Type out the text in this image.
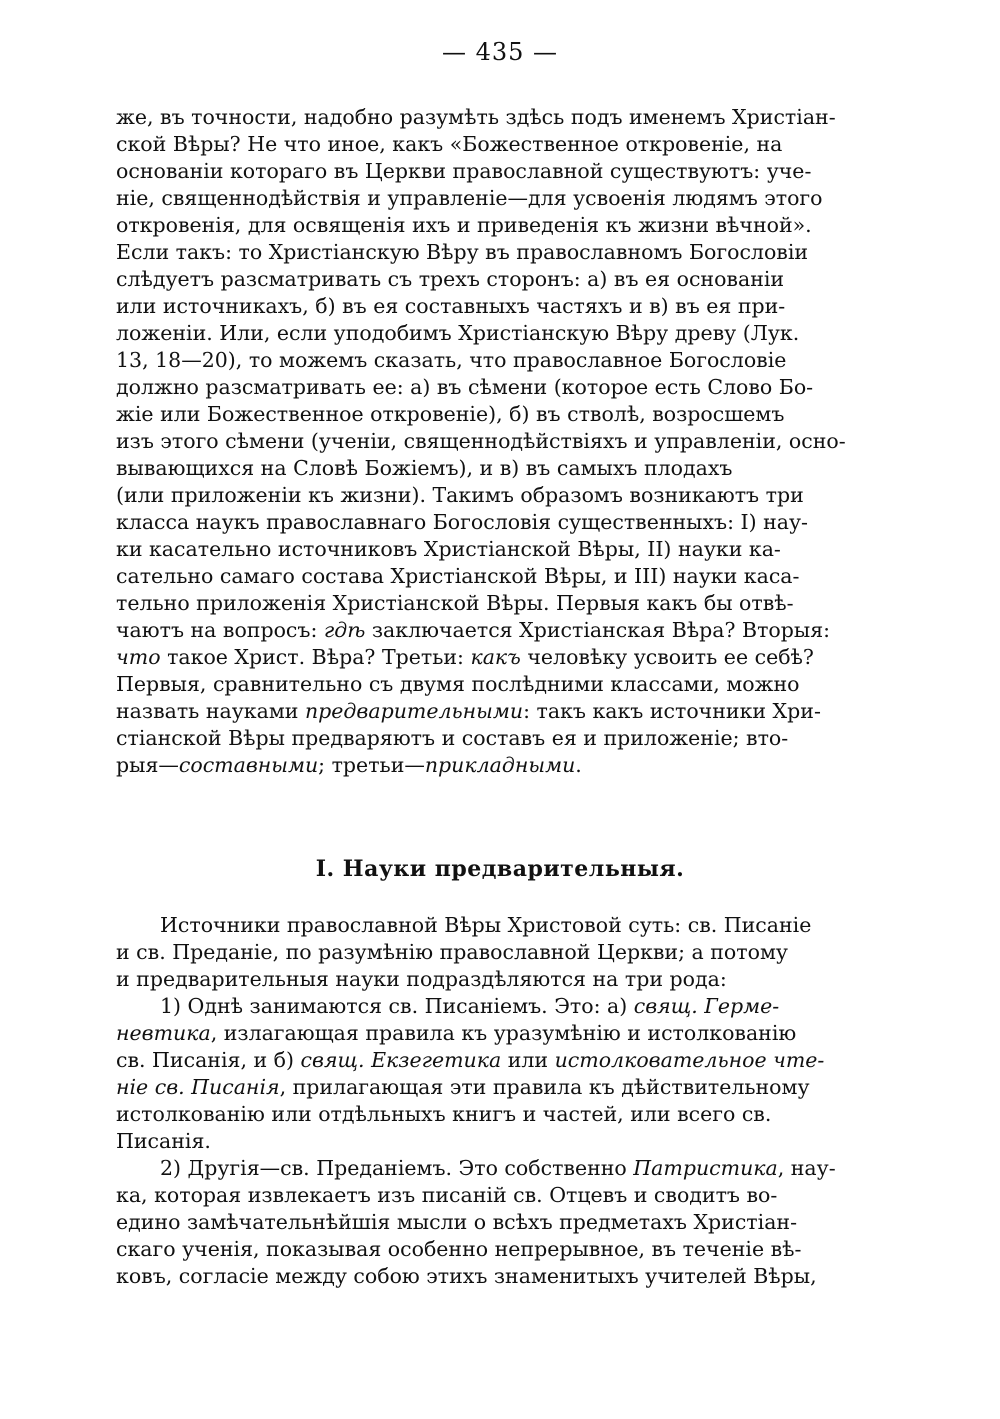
— 435 —
же, въ точности, надобно разумѣть здѣсь подъ именемъ Христіан-
ской Вѣры? Не что иное, какъ «Божественное откровеніе, на
основаніи котораго въ Церкви православной существуютъ: уче-
ніе, священнодѣйствія и управленіе—для усвоенія людямъ этого
откровенія, для освященія ихъ и приведенія къ жизни вѣчной».
Если такъ: то Христіанскую Вѣру въ православномъ Богословіи
слѣдуетъ разсматривать съ трехъ сторонъ: а) въ ея основаніи
или источникахъ, б) въ ея составныхъ частяхъ и в) въ ея при-
ложеніи. Или, если уподобимъ Христіанскую Вѣру древу (Лук.
13, 18—20), то можемъ сказать, что православное Богословіе
должно разсматривать ее: а) въ сѣмени (которое есть Слово Бо-
жіе или Божественное откровеніе), б) въ стволѣ, возросшемъ
изъ этого сѣмени (ученіи, священнодѣйствіяхъ и управленіи, осно-
вывающихся на Словѣ Божіемъ), и в) въ самыхъ плодахъ
(или приложеніи къ жизни). Такимъ образомъ возникаютъ три
класса наукъ православнаго Богословія существенныхъ: I) нау-
ки касательно источниковъ Христіанской Вѣры, II) науки ка-
сательно самаго состава Христіанской Вѣры, и III) науки каса-
тельно приложенія Христіанской Вѣры. Первыя какъ бы отвѣ-
чаютъ на вопросъ: гдѣ заключается Христіанская Вѣра? Вторыя:
что такое Христ. Вѣра? Третьи: какъ человѣку усвоить ее себѣ?
Первыя, сравнительно съ двумя послѣдними классами, можно
назвать науками предварительными: такъ какъ источники Хри-
стіанской Вѣры предваряютъ и составъ ея и приложеніе; вто-
рыя—составными; третьи—прикладными.
I. Науки предварительныя.
Источники православной Вѣры Христовой суть: св. Писаніе
и св. Преданіе, по разумѣнію православной Церкви; а потому
и предварительныя науки подраздѣляются на три рода:
1) Однѣ занимаются св. Писаніемъ. Это: а) свящ. Герме-
невтика, излагающая правила къ уразумѣнію и истолкованію
св. Писанія, и б) свящ. Екзегетика или истолковательное чте-
ніе св. Писанія, прилагающая эти правила къ дѣйствительному
истолкованію или отдѣльныхъ книгъ и частей, или всего св.
Писанія.
2) Другія—св. Преданіемъ. Это собственно Патристика, нау-
ка, которая извлекаетъ изъ писаній св. Отцевъ и сводитъ во-
едино замѣчательнѣйшія мысли о всѣхъ предметахъ Христіан-
скаго ученія, показывая особенно непрерывное, въ теченіе вѣ-
ковъ, согласіе между собою этихъ знаменитыхъ учителей Вѣры,
